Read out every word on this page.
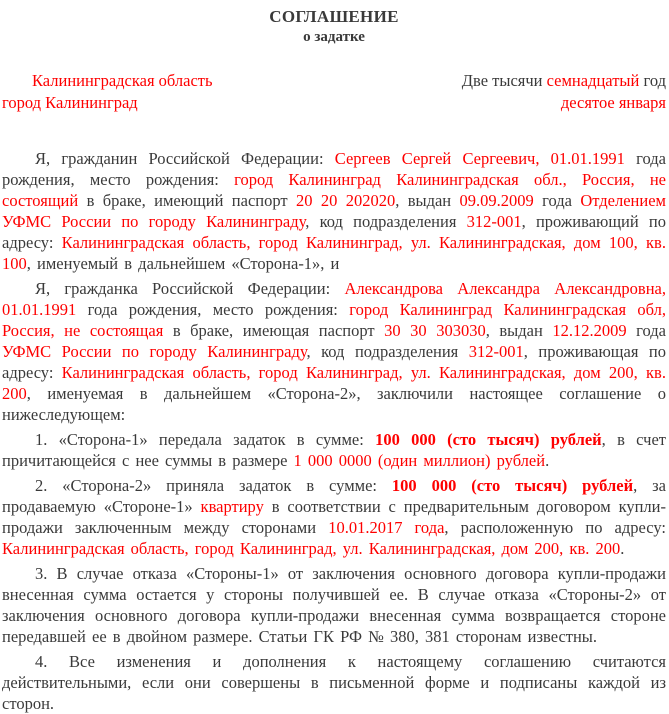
СОГЛАШЕНИЕ
о задатке
Калининградская область
город Калининград
Две тысячи семнадцатый год
десятое января

Я, гражданин Российской Федерации: Сергеев Сергей Сергеевич, 01.01.1991 года рождения, место рождения: город Калининград Калининградская обл., Россия, не состоящий в браке, имеющий паспорт 20 20 202020, выдан 09.09.2009 года Отделением УФМС России по городу Калининграду, код подразделения 312-001, проживающий по адресу: Калининградская область, город Калининград, ул. Калининградская, дом 100, кв. 100, именуемый в дальнейшем «Сторона-1», и

Я, гражданка Российской Федерации: Александрова Александра Александровна, 01.01.1991 года рождения, место рождения: город Калининград Калининградская обл, Россия, не состоящая в браке, имеющая паспорт 30 30 303030, выдан 12.12.2009 года УФМС России по городу Калининграду, код подразделения 312-001, проживающая по адресу: Калининградская область, город Калининград, ул. Калининградская, дом 200, кв. 200, именуемая в дальнейшем «Сторона-2», заключили настоящее соглашение о нижеследующем:

1. «Сторона-1» передала задаток в сумме: 100 000 (сто тысяч) рублей, в счет причитающейся с нее суммы в размере 1 000 0000 (один миллион) рублей.

2. «Сторона-2» приняла задаток в сумме: 100 000 (сто тысяч) рублей, за продаваемую «Стороне-1» квартиру в соответствии с предварительным договором купли-продажи заключенным между сторонами 10.01.2017 года, расположенную по адресу: Калининградская область, город Калининград, ул. Калининградская, дом 200, кв. 200.

3. В случае отказа «Стороны-1» от заключения основного договора купли-продажи внесенная сумма остается у стороны получившей ее. В случае отказа «Стороны-2» от заключения основного договора купли-продажи внесенная сумма возвращается стороне передавшей ее в двойном размере. Статьи ГК РФ № 380, 381 сторонам известны.

4. Все изменения и дополнения к настоящему соглашению считаются действительными, если они совершены в письменной форме и подписаны каждой из сторон.
